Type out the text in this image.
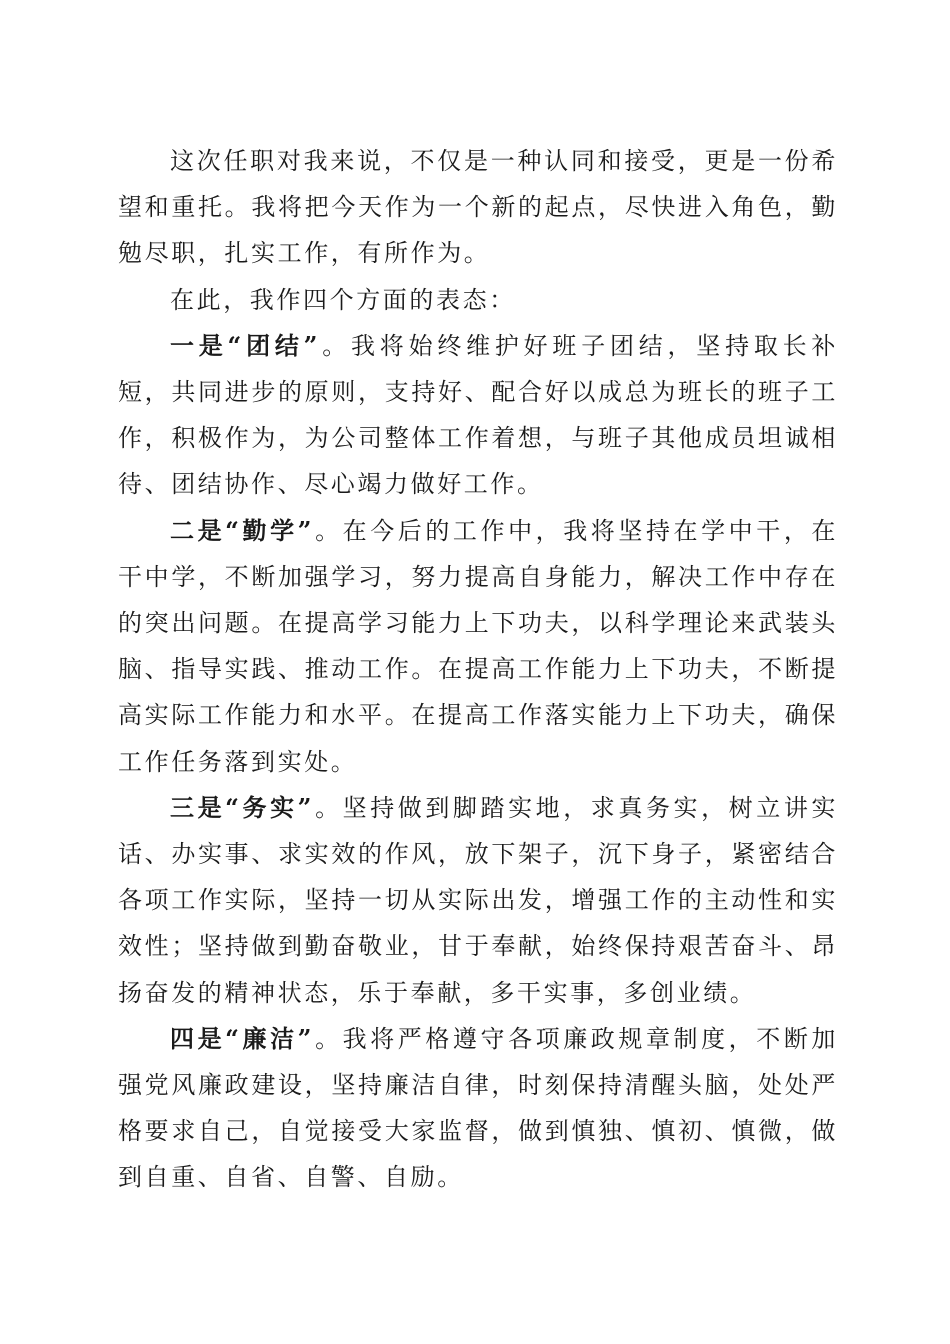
这次任职对我来说，不仅是一种认同和接受，更是一份希望和重托。我将把今天作为一个新的起点，尽快进入角色，勤勉尽职，扎实工作，有所作为。

在此，我作四个方面的表态：

一是“团结”。我将始终维护好班子团结，坚持取长补短，共同进步的原则，支持好、配合好以成总为班长的班子工作，积极作为，为公司整体工作着想，与班子其他成员坦诚相待、团结协作、尽心竭力做好工作。

二是“勤学”。在今后的工作中，我将坚持在学中干，在干中学，不断加强学习，努力提高自身能力，解决工作中存在的突出问题。在提高学习能力上下功夫，以科学理论来武装头脑、指导实践、推动工作。在提高工作能力上下功夫，不断提高实际工作能力和水平。在提高工作落实能力上下功夫，确保工作任务落到实处。

三是“务实”。坚持做到脚踏实地，求真务实，树立讲实话、办实事、求实效的作风，放下架子，沉下身子，紧密结合各项工作实际，坚持一切从实际出发，增强工作的主动性和实效性；坚持做到勤奋敬业，甘于奉献，始终保持艰苦奋斗、昂扬奋发的精神状态，乐于奉献，多干实事，多创业绩。

四是“廉洁”。我将严格遵守各项廉政规章制度，不断加强党风廉政建设，坚持廉洁自律，时刻保持清醒头脑，处处严格要求自己，自觉接受大家监督，做到慎独、慎初、慎微，做到自重、自省、自警、自励。
